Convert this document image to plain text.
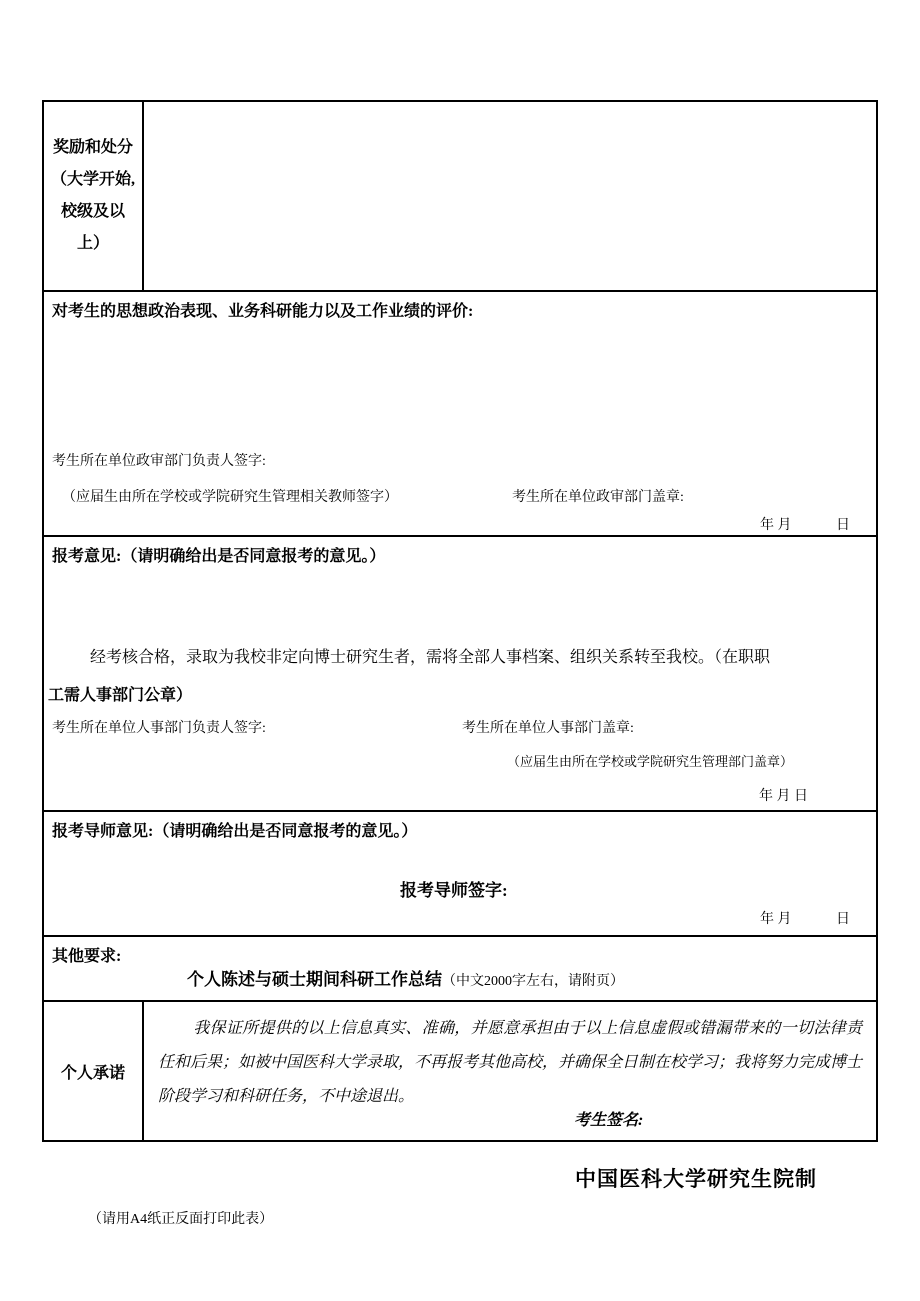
奖励和处分
（大学开始,
校级及以
上）	

对考生的思想政治表现、业务科研能力以及工作业绩的评价:
考生所在单位政审部门负责人签字:
（应届生由所在学校或学院研究生管理相关教师签字）	考生所在单位政审部门盖章:
年 月	日

报考意见:（请明确给出是否同意报考的意见。）
经考核合格，录取为我校非定向博士研究生者，需将全部人事档案、组织关系转至我校。（在职职
工需人事部门公章）
考生所在单位人事部门负责人签字:	考生所在单位人事部门盖章:
（应届生由所在学校或学院研究生管理部门盖章）
年 月 日

报考导师意见:（请明确给出是否同意报考的意见。）
报考导师签字:
年 月 日	

其他要求:
个人陈述与硕士期间科研工作总结（中文2000字左右，请附页）	

个人承诺	我保证所提供的以上信息真实、准确，并愿意承担由于以上信息虚假或错漏带来的一切法律责任和后果；如被中国医科大学录取，不再报考其他高校，并确保全日制在校学习；我将努力完成博士阶段学习和科研任务，不中途退出。
考生签名:
中国医科大学研究生院制
（请用A4纸正反面打印此表）
